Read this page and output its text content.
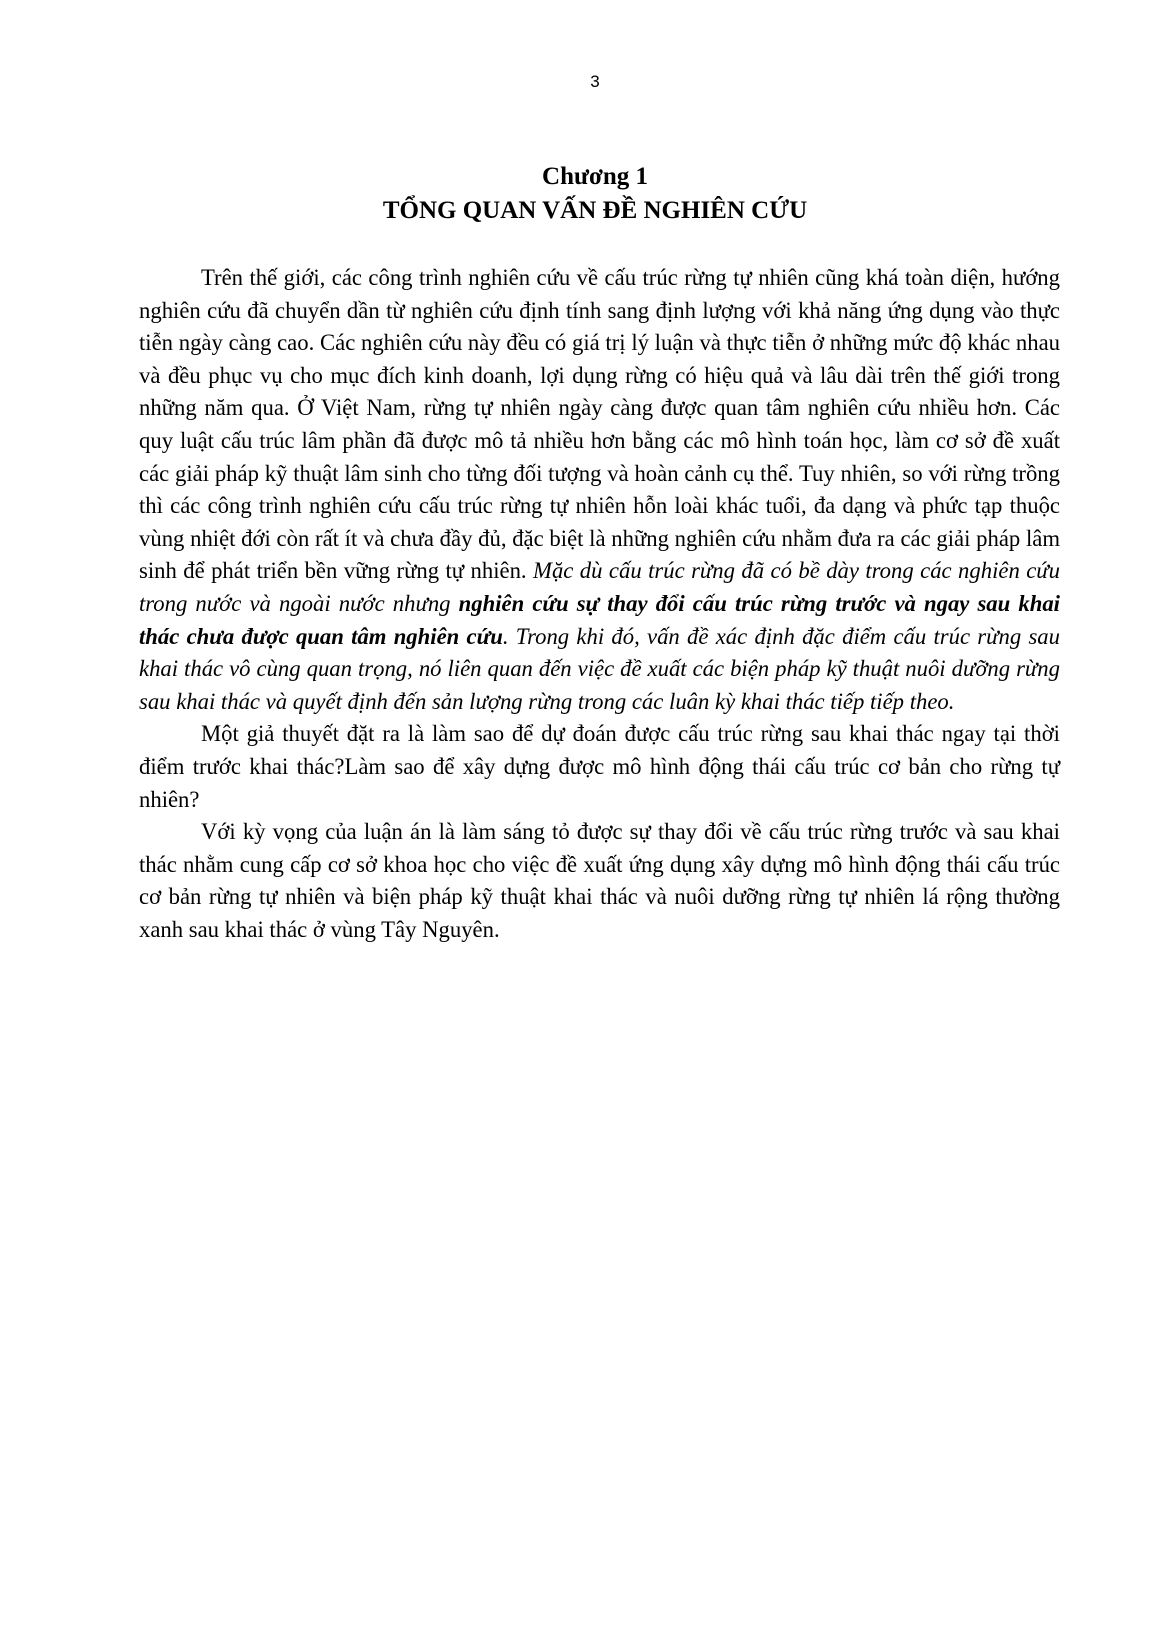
3
Chương 1
TỔNG QUAN VẤN ĐỀ NGHIÊN CỨU

Trên thế giới, các công trình nghiên cứu về cấu trúc rừng tự nhiên cũng khá toàn diện, hướng nghiên cứu đã chuyển dần từ nghiên cứu định tính sang định lượng với khả năng ứng dụng vào thực tiễn ngày càng cao. Các nghiên cứu này đều có giá trị lý luận và thực tiễn ở những mức độ khác nhau và đều phục vụ cho mục đích kinh doanh, lợi dụng rừng có hiệu quả và lâu dài trên thế giới trong những năm qua. Ở Việt Nam, rừng tự nhiên ngày càng được quan tâm nghiên cứu nhiều hơn. Các quy luật cấu trúc lâm phần đã được mô tả nhiều hơn bằng các mô hình toán học, làm cơ sở đề xuất các giải pháp kỹ thuật lâm sinh cho từng đối tượng và hoàn cảnh cụ thể. Tuy nhiên, so với rừng trồng thì các công trình nghiên cứu cấu trúc rừng tự nhiên hỗn loài khác tuổi, đa dạng và phức tạp thuộc vùng nhiệt đới còn rất ít và chưa đầy đủ, đặc biệt là những nghiên cứu nhằm đưa ra các giải pháp lâm sinh để phát triển bền vững rừng tự nhiên. Mặc dù cấu trúc rừng đã có bề dày trong các nghiên cứu trong nước và ngoài nước nhưng nghiên cứu sự thay đổi cấu trúc rừng trước và ngay sau khai thác chưa được quan tâm nghiên cứu. Trong khi đó, vấn đề xác định đặc điểm cấu trúc rừng sau khai thác vô cùng quan trọng, nó liên quan đến việc đề xuất các biện pháp kỹ thuật nuôi dưỡng rừng sau khai thác và quyết định đến sản lượng rừng trong các luân kỳ khai thác tiếp tiếp theo.

Một giả thuyết đặt ra là làm sao để dự đoán được cấu trúc rừng sau khai thác ngay tại thời điểm trước khai thác?Làm sao để xây dựng được mô hình động thái cấu trúc cơ bản cho rừng tự nhiên?

Với kỳ vọng của luận án là làm sáng tỏ được sự thay đổi về cấu trúc rừng trước và sau khai thác nhằm cung cấp cơ sở khoa học cho việc đề xuất ứng dụng xây dựng mô hình động thái cấu trúc cơ bản rừng tự nhiên và biện pháp kỹ thuật khai thác và nuôi dưỡng rừng tự nhiên lá rộng thường xanh sau khai thác ở vùng Tây Nguyên.
